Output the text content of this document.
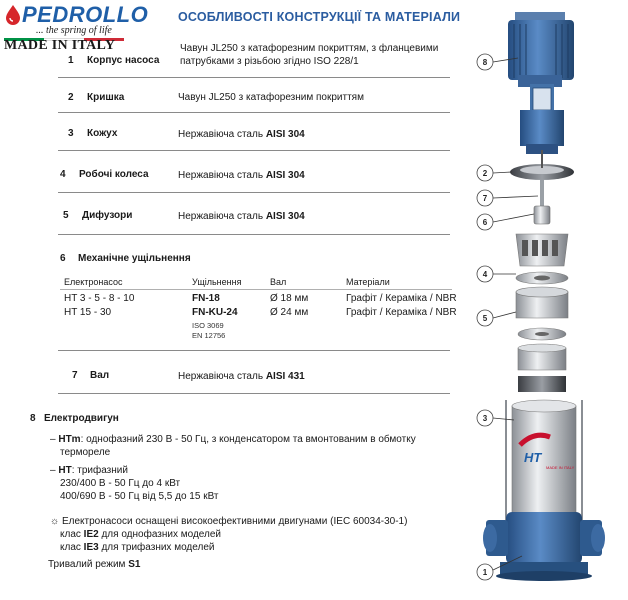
PEDROLLO
... the spring of life
MADE IN ITALY
ОСОБЛИВОСТІ КОНСТРУКЦІЇ ТА МАТЕРІАЛИ
1 Корпус насоса
Чавун JL250 з катафорезним покриттям, з фланцевими
патрубками з різьбою згідно ISO 228/1
2 Кришка	Чавун JL250 з катафорезним покриттям
3 Кожух	Нержавіюча сталь AISI 304
4 Робочі колеса	Нержавіюча сталь AISI 304
5 Дифузори	Нержавіюча сталь AISI 304
6 Механічне ущільнення
Електронасос	Ущільнення	Вал	Матеріали
HT 3 - 5 - 8 - 10	FN-18	Ø 18 мм	Графіт / Кераміка / NBR
HT 15 - 30	FN-KU-24	Ø 24 мм	Графіт / Кераміка / NBR
ISO 3069
EN 12756
7 Вал	Нержавіюча сталь AISI 431
8 Електродвигун
– HTm: однофазний 230 В - 50 Гц, з конденсатором та вмонтованим в обмотку
термореле
– HT: трифазний
230/400 В - 50 Гц до 4 кВт
400/690 В - 50 Гц від 5,5 до 15 кВт
☼ Електронасоси оснащені високоефективними двигунами (IEC 60034-30-1)
клас IE2 для однофазних моделей
клас IE3 для трифазних моделей
Тривалий режим S1
HT
MADE IN ITALY
8
2
7
6
4
5
3
1
